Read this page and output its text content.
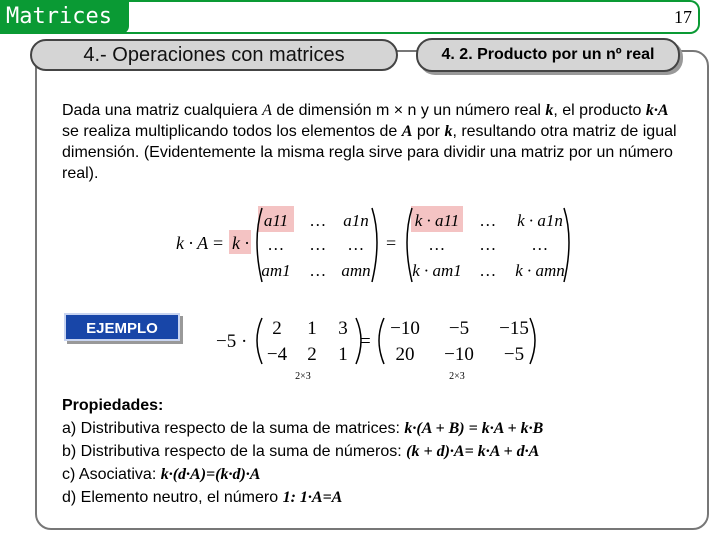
Matrices	17
4.- Operaciones con matrices	4. 2. Producto por un nº real
Dada una matriz cualquiera A de dimensión m × n y un número real k, el producto k·A se realiza multiplicando todos los elementos de A por k, resultando otra matriz de igual dimensión. (Evidentemente la misma regla sirve para dividir una matriz por un número real).
k · A = k ·	=
a11 … a1n
… … …
am1 … amn
k · a11 … k · a1n
… … …
k · am1 … k · amn
−5 ·	=
2 1 3
−4 2 1
−10 −5 −15
20 −10 −5
2×3	2×3
EJEMPLO
Propiedades:
a) Distributiva respecto de la suma de matrices: k·(A + B) = k·A + k·B
b) Distributiva respecto de la suma de números: (k + d)·A= k·A + d·A
c) Asociativa: k·(d·A)=(k·d)·A
d) Elemento neutro, el número 1: 1·A=A
